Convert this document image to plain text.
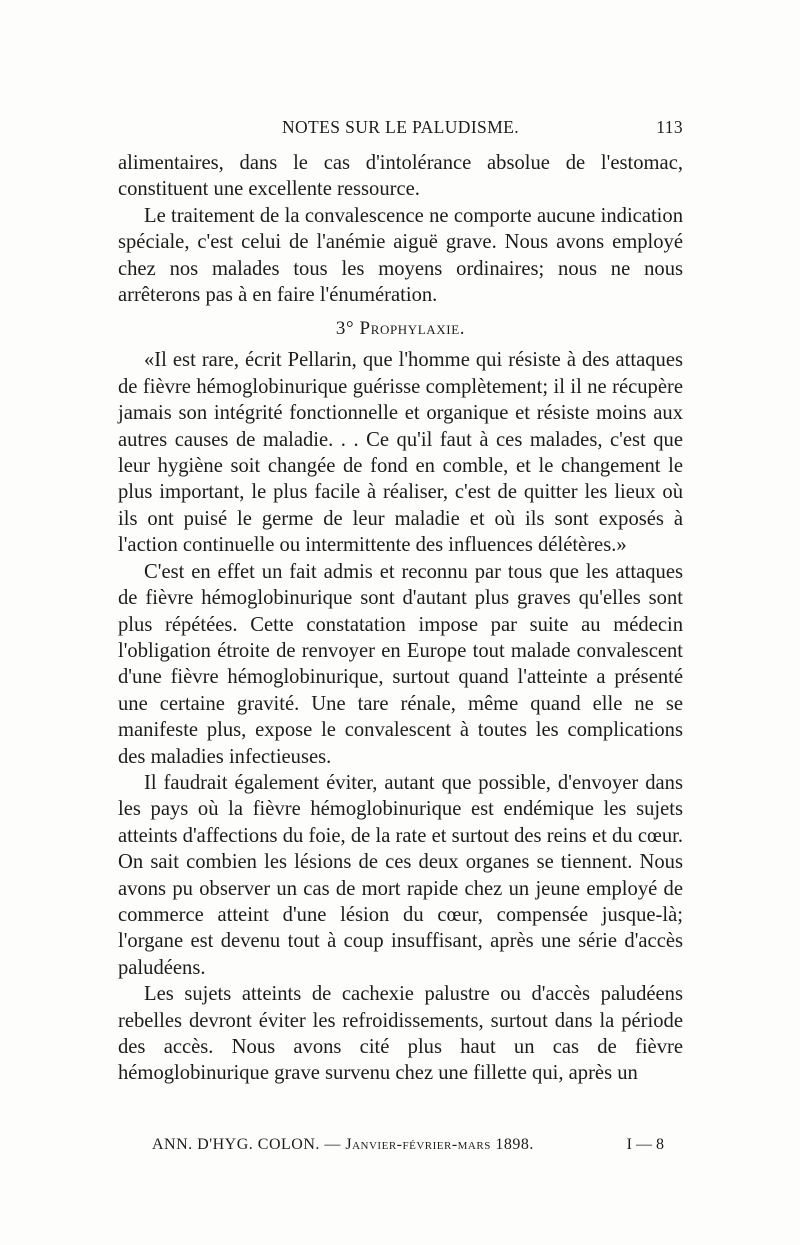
NOTES SUR LE PALUDISME.	113

alimentaires, dans le cas d'intolérance absolue de l'estomac, constituent une excellente ressource.

Le traitement de la convalescence ne comporte aucune indication spéciale, c'est celui de l'anémie aiguë grave. Nous avons employé chez nos malades tous les moyens ordinaires; nous ne nous arrêterons pas à en faire l'énumération.

3° Prophylaxie.

«Il est rare, écrit Pellarin, que l'homme qui résiste à des attaques de fièvre hémoglobinurique guérisse complètement; il il ne récupère jamais son intégrité fonctionnelle et organique et résiste moins aux autres causes de maladie. . . Ce qu'il faut à ces malades, c'est que leur hygiène soit changée de fond en comble, et le changement le plus important, le plus facile à réaliser, c'est de quitter les lieux où ils ont puisé le germe de leur maladie et où ils sont exposés à l'action continuelle ou intermittente des influences délétères.»

C'est en effet un fait admis et reconnu par tous que les attaques de fièvre hémoglobinurique sont d'autant plus graves qu'elles sont plus répétées. Cette constatation impose par suite au médecin l'obligation étroite de renvoyer en Europe tout malade convalescent d'une fièvre hémoglobinurique, surtout quand l'atteinte a présenté une certaine gravité. Une tare rénale, même quand elle ne se manifeste plus, expose le convalescent à toutes les complications des maladies infectieuses.

Il faudrait également éviter, autant que possible, d'envoyer dans les pays où la fièvre hémoglobinurique est endémique les sujets atteints d'affections du foie, de la rate et surtout des reins et du cœur. On sait combien les lésions de ces deux organes se tiennent. Nous avons pu observer un cas de mort rapide chez un jeune employé de commerce atteint d'une lésion du cœur, compensée jusque-là; l'organe est devenu tout à coup insuffisant, après une série d'accès paludéens.

Les sujets atteints de cachexie palustre ou d'accès paludéens rebelles devront éviter les refroidissements, surtout dans la période des accès. Nous avons cité plus haut un cas de fièvre hémoglobinurique grave survenu chez une fillette qui, après un

ANN. D'HYG. COLON. — Janvier-février-mars 1898.	I — 8
